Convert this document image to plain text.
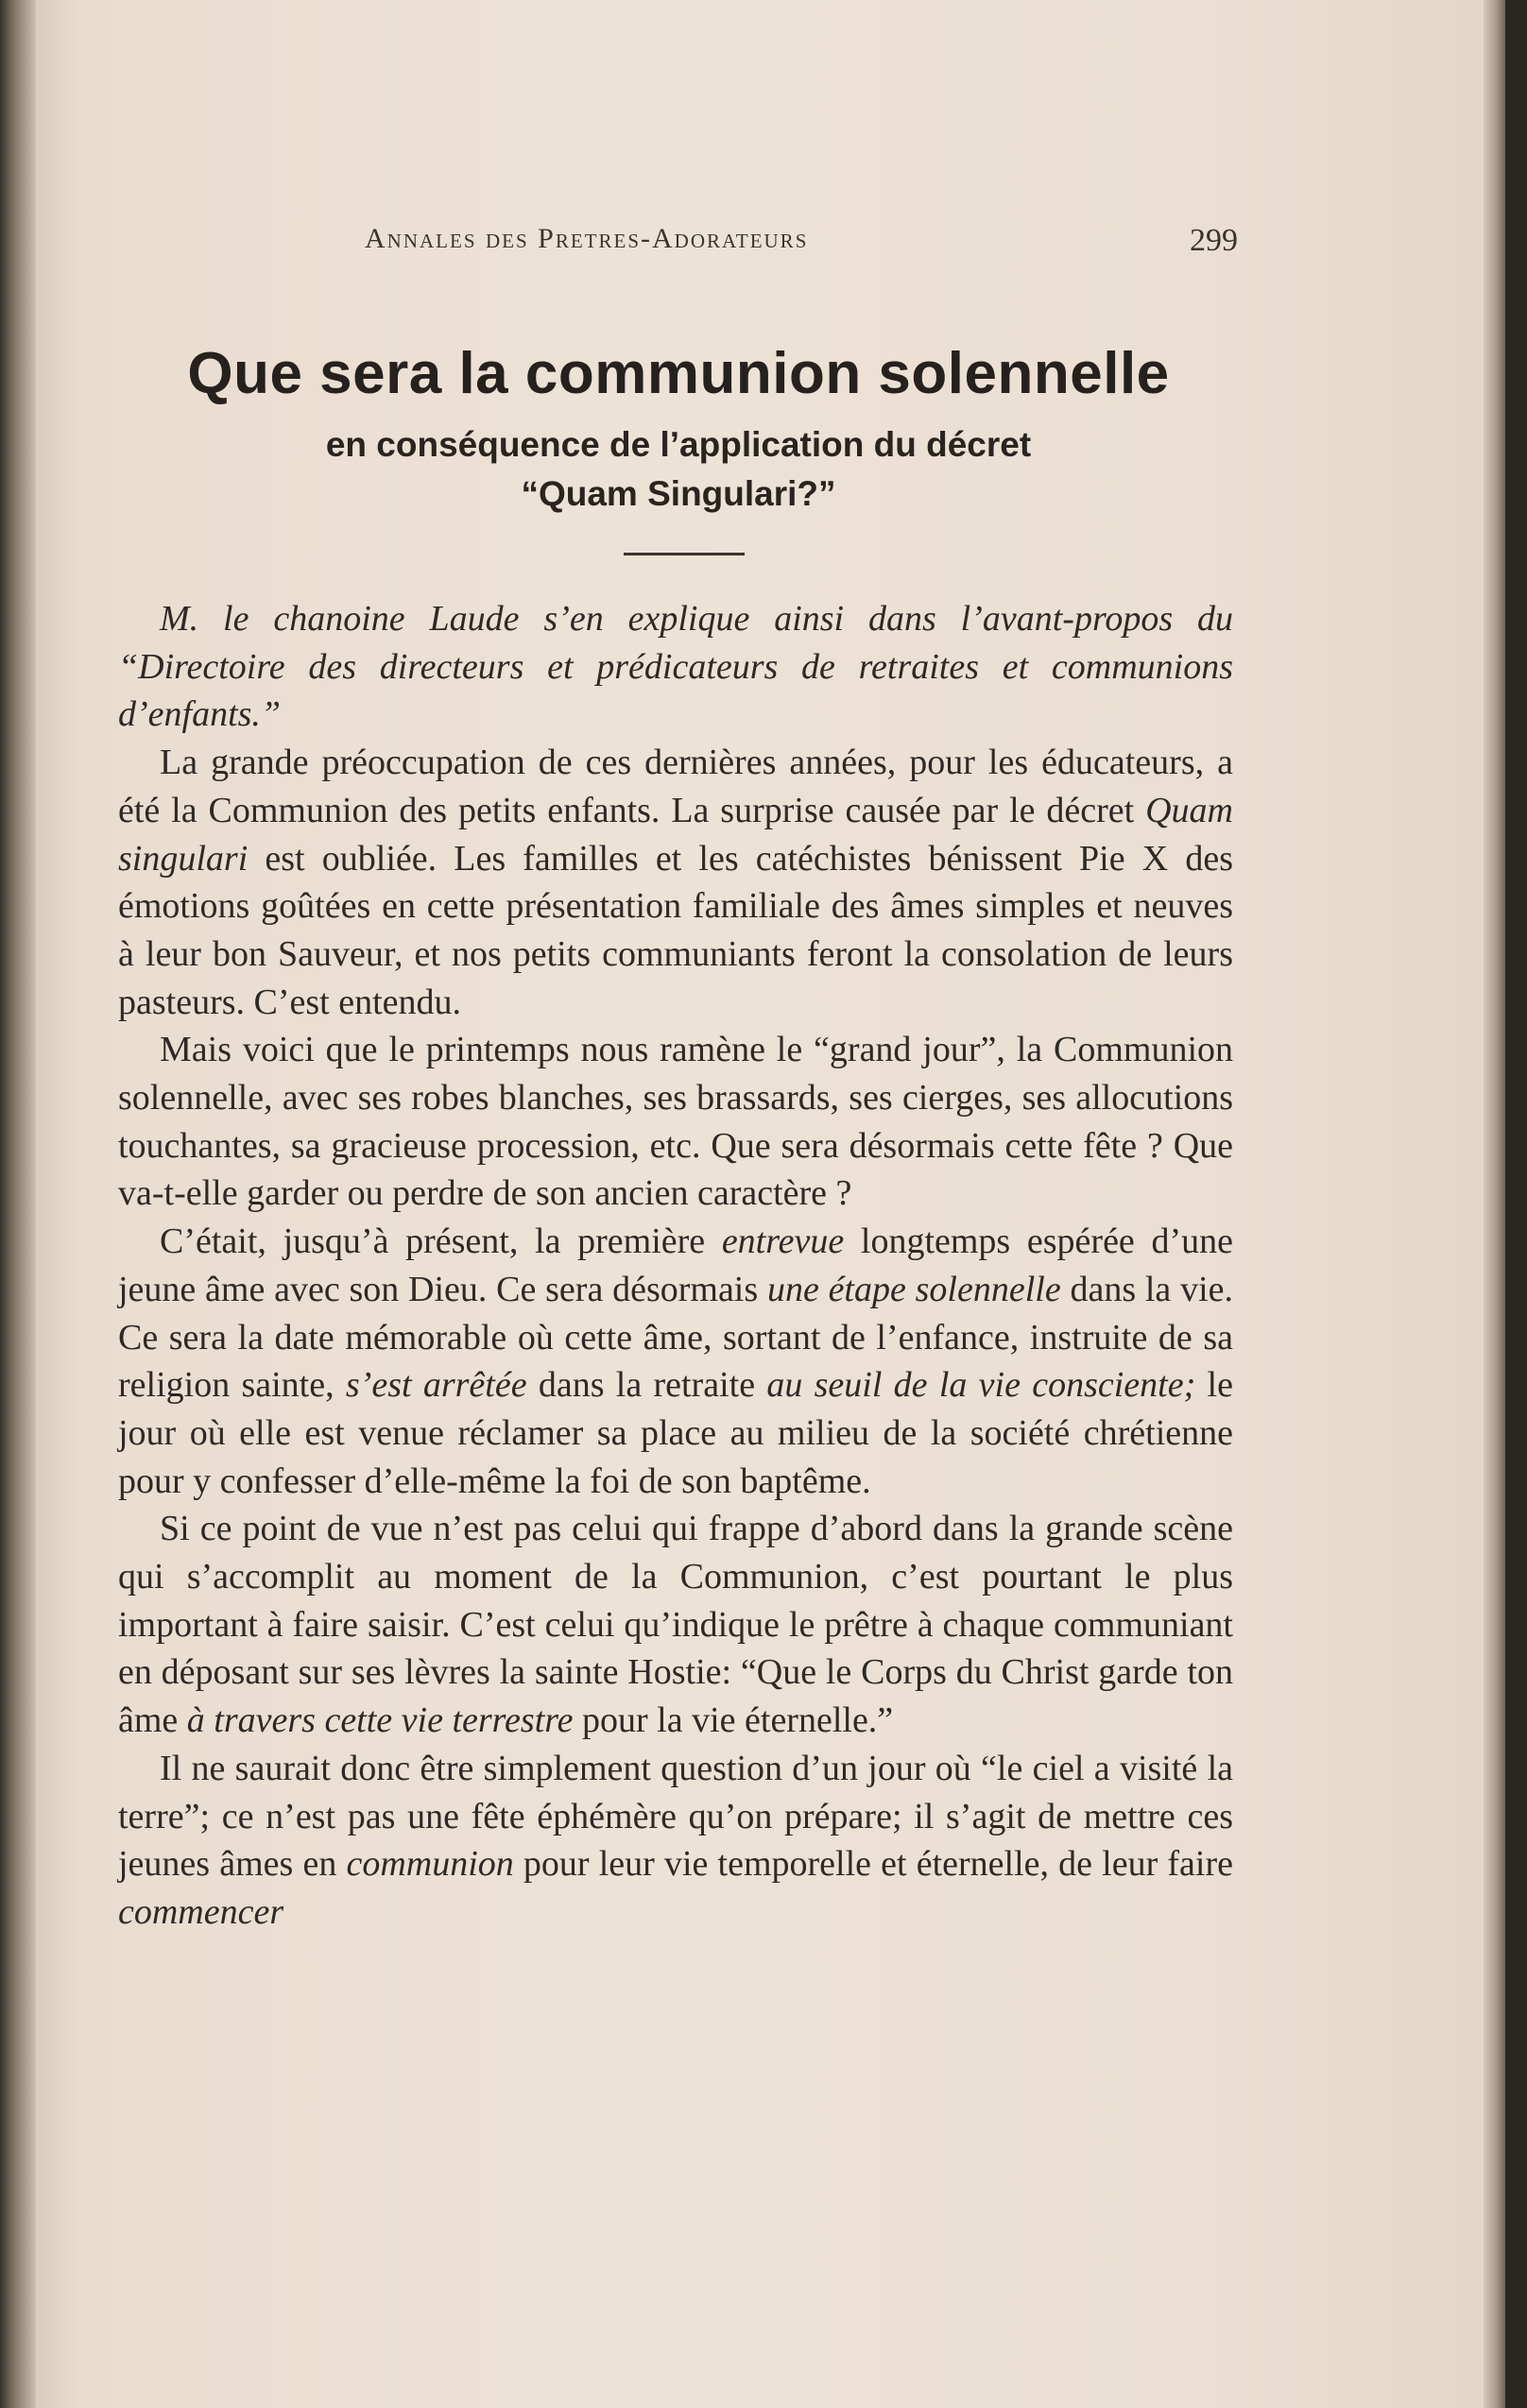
Annales des Pretres-Adorateurs	299
Que sera la communion solennelle
en conséquence de l’application du décret
“Quam Singulari?”

M. le chanoine Laude s’en explique ainsi dans l’avant-propos du “Directoire des directeurs et prédicateurs de retraites et communions d’enfants.”

La grande préoccupation de ces dernières années, pour les éducateurs, a été la Communion des petits enfants. La surprise causée par le décret Quam singulari est oubliée. Les familles et les catéchistes bénissent Pie X des émotions goûtées en cette présentation familiale des âmes simples et neuves à leur bon Sauveur, et nos petits communiants feront la consolation de leurs pasteurs. C’est entendu.

Mais voici que le printemps nous ramène le “grand jour”, la Communion solennelle, avec ses robes blanches, ses brassards, ses cierges, ses allocutions touchantes, sa gracieuse procession, etc. Que sera désormais cette fête ? Que va-t-elle garder ou perdre de son ancien caractère ?

C’était, jusqu’à présent, la première entrevue longtemps espérée d’une jeune âme avec son Dieu. Ce sera désormais une étape solennelle dans la vie. Ce sera la date mémorable où cette âme, sortant de l’enfance, instruite de sa religion sainte, s’est arrêtée dans la retraite au seuil de la vie consciente; le jour où elle est venue réclamer sa place au milieu de la société chrétienne pour y confesser d’elle-même la foi de son baptême.

Si ce point de vue n’est pas celui qui frappe d’abord dans la grande scène qui s’accomplit au moment de la Communion, c’est pourtant le plus important à faire saisir. C’est celui qu’indique le prêtre à chaque communiant en déposant sur ses lèvres la sainte Hostie: “Que le Corps du Christ garde ton âme à travers cette vie terrestre pour la vie éternelle.”

Il ne saurait donc être simplement question d’un jour où “le ciel a visité la terre”; ce n’est pas une fête éphémère qu’on prépare; il s’agit de mettre ces jeunes âmes en communion pour leur vie temporelle et éternelle, de leur faire commencer
